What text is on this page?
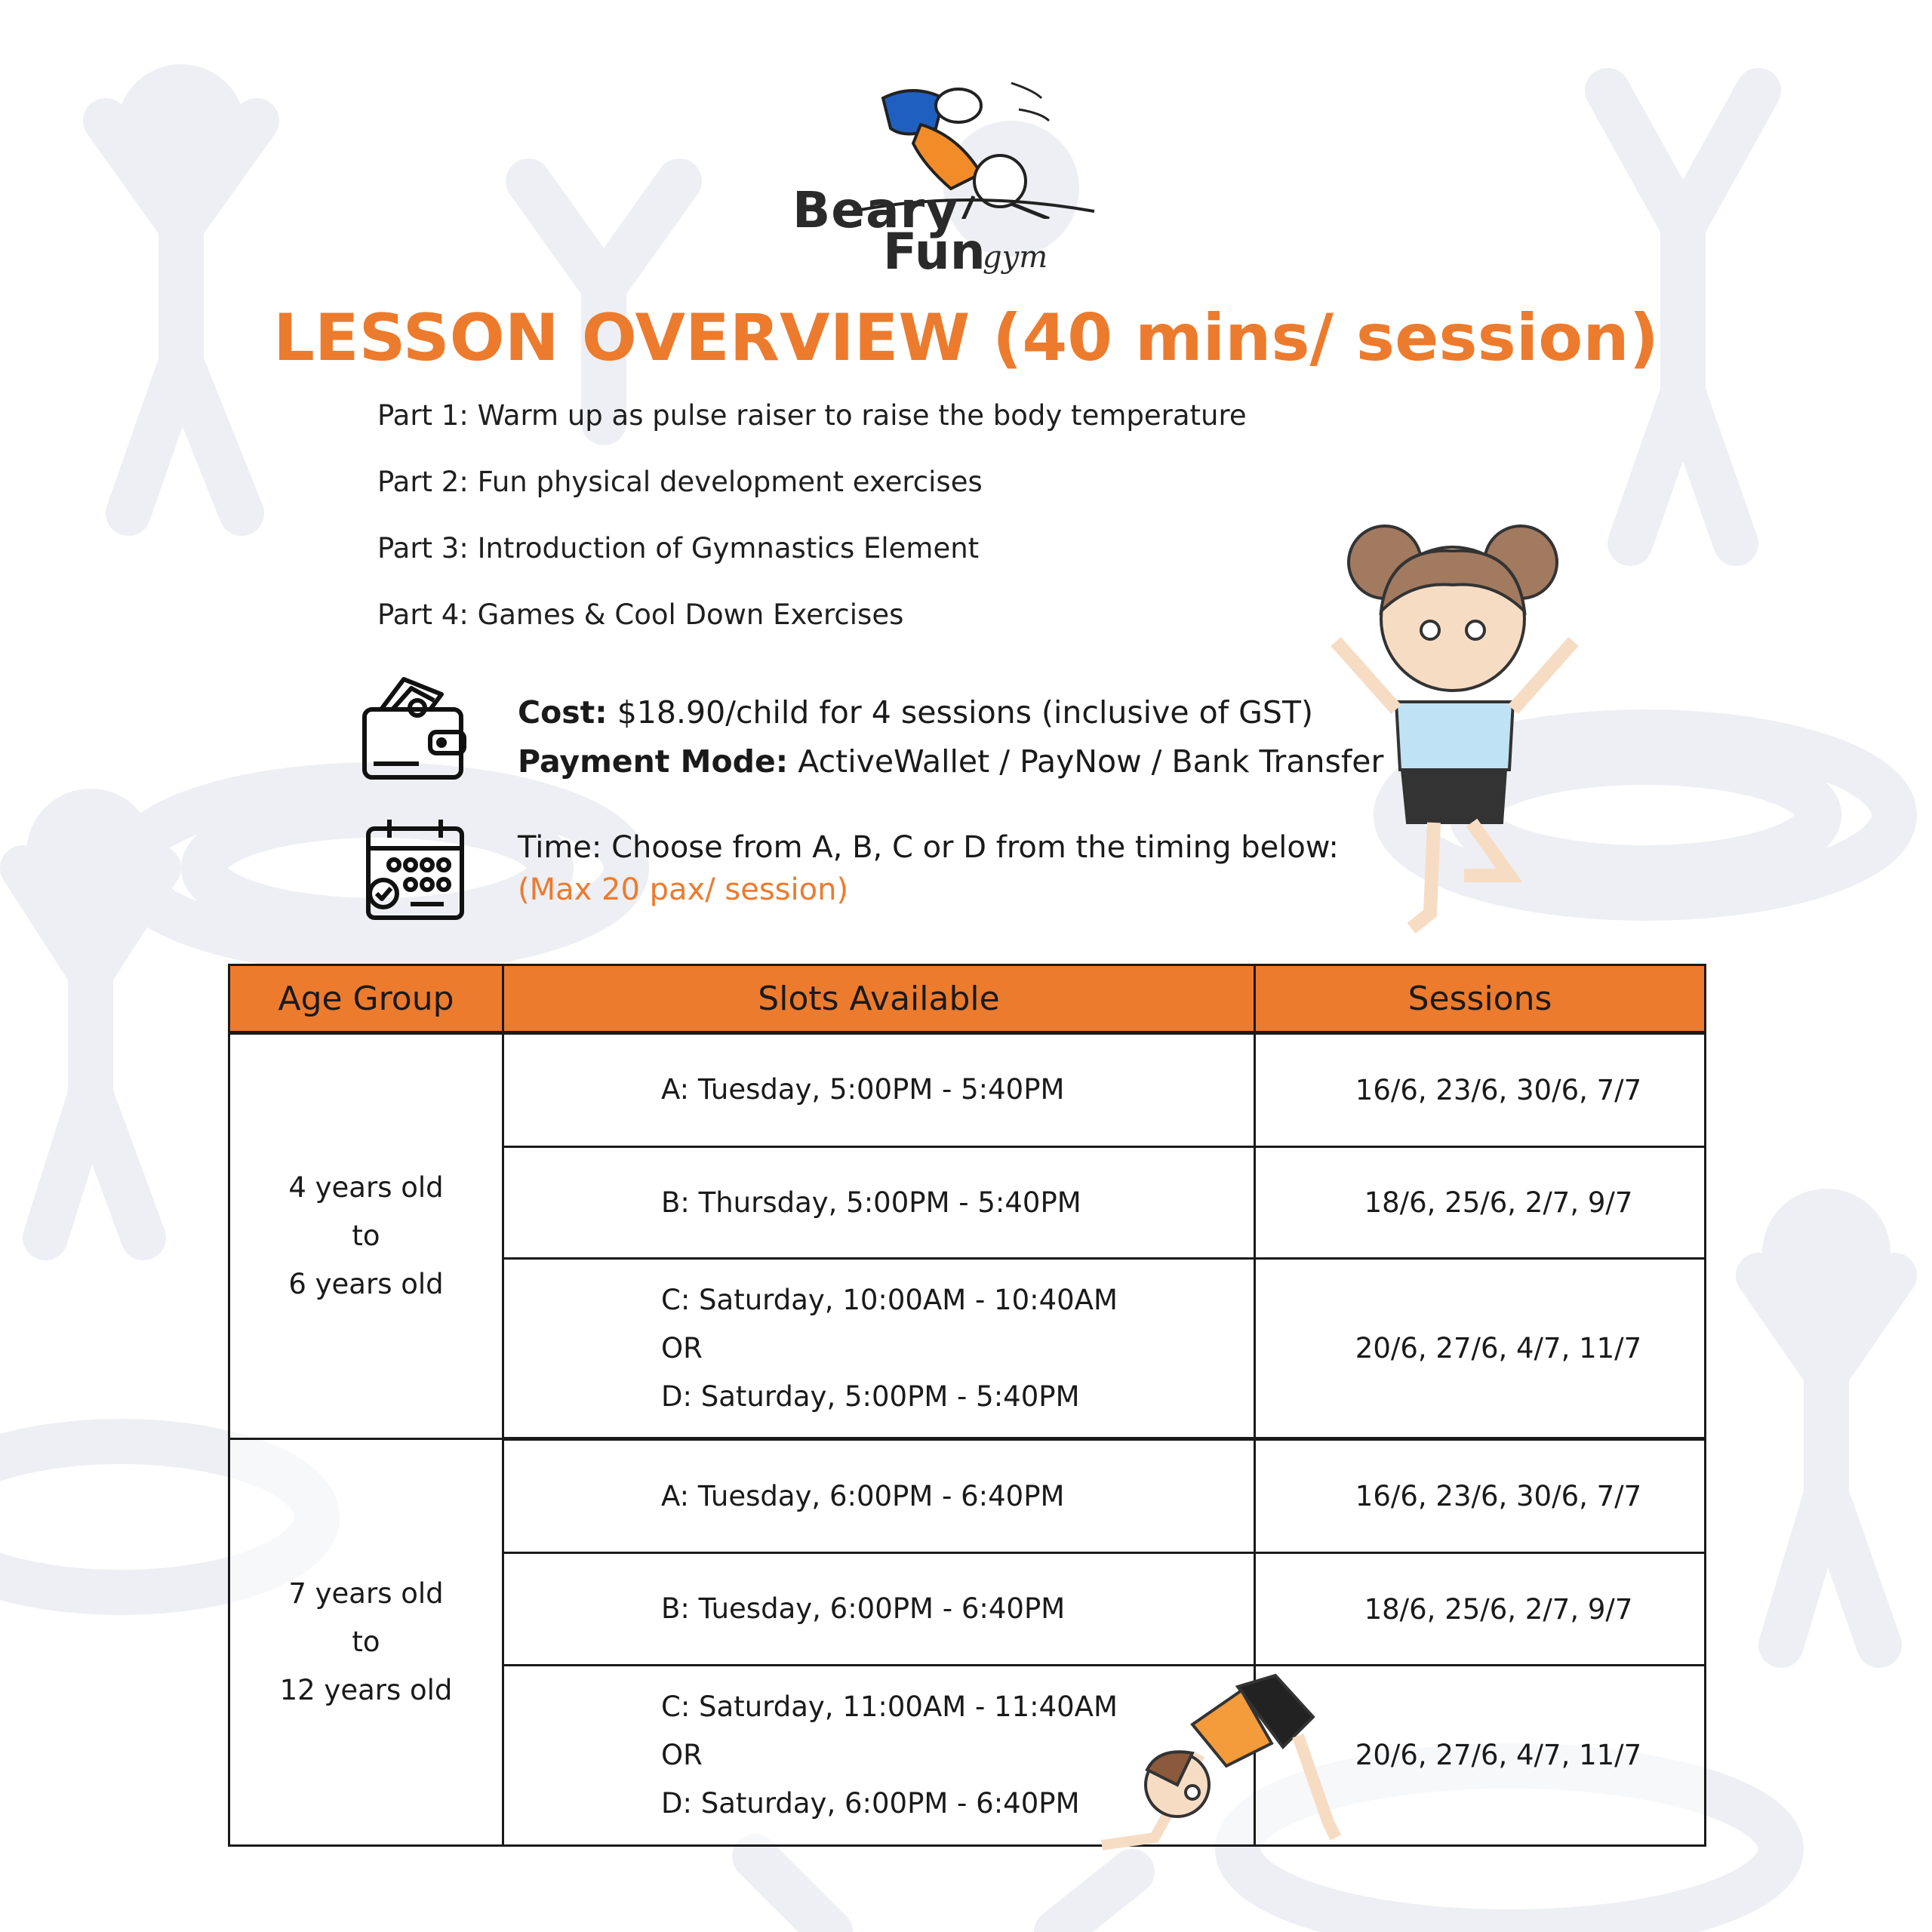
Beary
Fun
gym
LESSON OVERVIEW (40 mins/ session)
Part 1: Warm up as pulse raiser to raise the body temperature
Part 2: Fun physical development exercises
Part 3: Introduction of Gymnastics Element
Part 4: Games & Cool Down Exercises
Cost: $18.90/child for 4 sessions (inclusive of GST)
Payment Mode: ActiveWallet / PayNow / Bank Transfer
Time: Choose from A, B, C or D from the timing below:
(Max 20 pax/ session)
Age Group	Slots Available	Sessions

4 years old
to
6 years old	A: Tuesday, 5:00PM - 5:40PM	16/6, 23/6, 30/6, 7/7
	B: Thursday, 5:00PM - 5:40PM	18/6, 25/6, 2/7, 9/7

	C: Saturday, 10:00AM - 10:40AM
OR
D: Saturday, 5:00PM - 5:40PM	20/6, 27/6, 4/7, 11/7

7 years old
to
12 years old	A: Tuesday, 6:00PM - 6:40PM	16/6, 23/6, 30/6, 7/7
	B: Tuesday, 6:00PM - 6:40PM	18/6, 25/6, 2/7, 9/7

	C: Saturday, 11:00AM - 11:40AM
OR
D: Saturday, 6:00PM - 6:40PM	20/6, 27/6, 4/7, 11/7
